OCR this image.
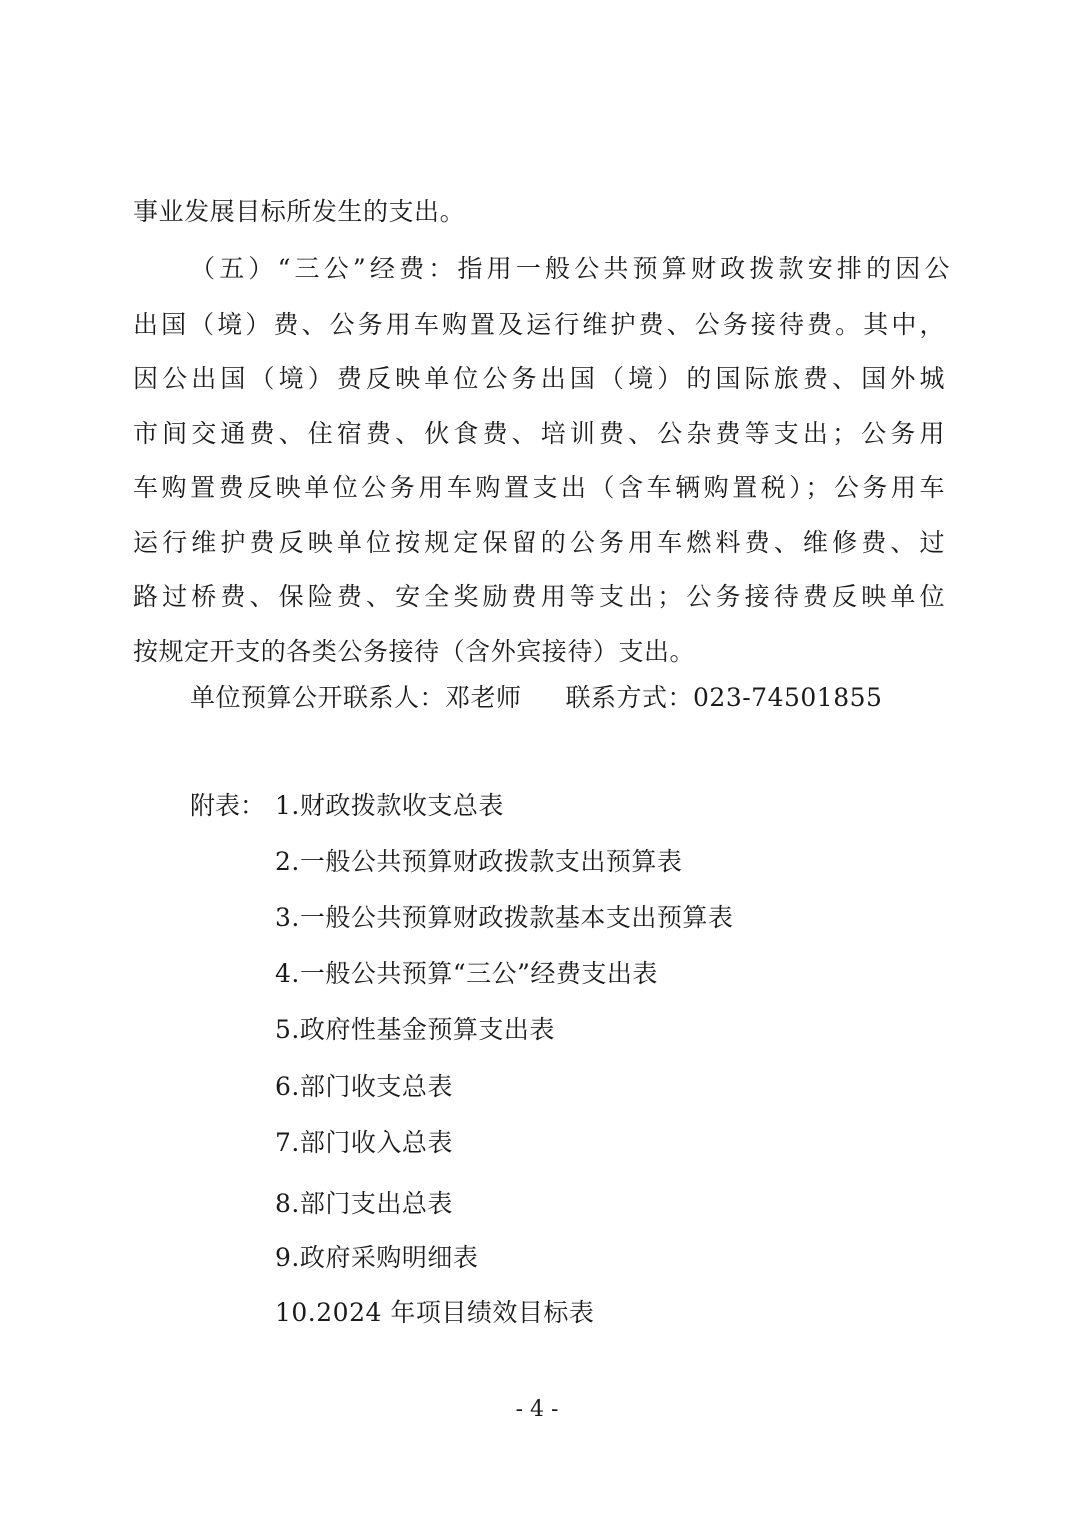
事业发展目标所发生的支出。
（五）“三公”经费：指用一般公共预算财政拨款安排的因公
出国（境）费、公务用车购置及运行维护费、公务接待费。其中，
因公出国（境）费反映单位公务出国（境）的国际旅费、国外城
市间交通费、住宿费、伙食费、培训费、公杂费等支出；公务用
车购置费反映单位公务用车购置支出（含车辆购置税）；公务用车
运行维护费反映单位按规定保留的公务用车燃料费、维修费、过
路过桥费、保险费、安全奖励费用等支出；公务接待费反映单位
按规定开支的各类公务接待（含外宾接待）支出。
单位预算公开联系人：邓老师 联系方式：023-74501855
附表： 1.财政拨款收支总表
2.一般公共预算财政拨款支出预算表
3.一般公共预算财政拨款基本支出预算表
4.一般公共预算“三公”经费支出表
5.政府性基金预算支出表
6.部门收支总表
7.部门收入总表
8.部门支出总表
9.政府采购明细表
10.2024 年项目绩效目标表
- 4 -
